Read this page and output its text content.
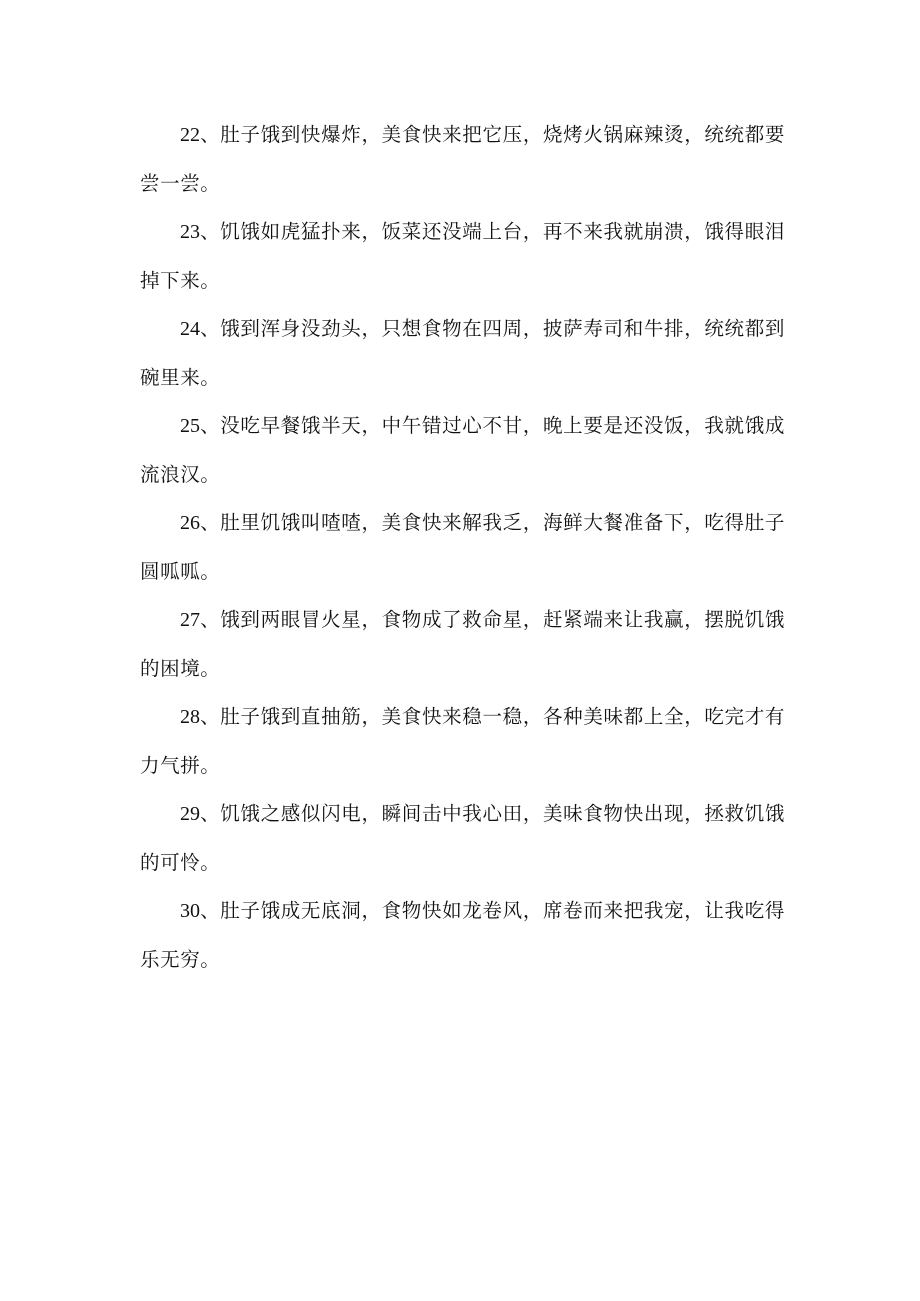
22、肚子饿到快爆炸，美食快来把它压，烧烤火锅麻辣烫，统统都要尝一尝。

23、饥饿如虎猛扑来，饭菜还没端上台，再不来我就崩溃，饿得眼泪掉下来。

24、饿到浑身没劲头，只想食物在四周，披萨寿司和牛排，统统都到碗里来。

25、没吃早餐饿半天，中午错过心不甘，晚上要是还没饭，我就饿成流浪汉。

26、肚里饥饿叫喳喳，美食快来解我乏，海鲜大餐准备下，吃得肚子圆呱呱。

27、饿到两眼冒火星，食物成了救命星，赶紧端来让我赢，摆脱饥饿的困境。

28、肚子饿到直抽筋，美食快来稳一稳，各种美味都上全，吃完才有力气拼。

29、饥饿之感似闪电，瞬间击中我心田，美味食物快出现，拯救饥饿的可怜。

30、肚子饿成无底洞，食物快如龙卷风，席卷而来把我宠，让我吃得乐无穷。
